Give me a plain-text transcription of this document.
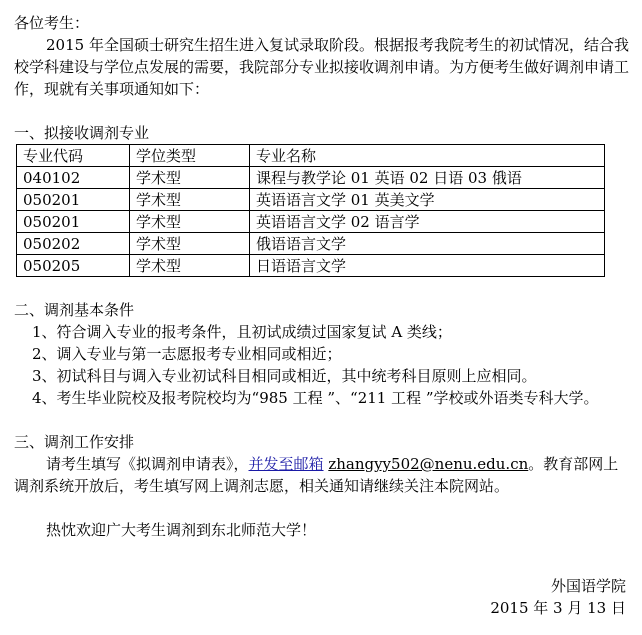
各位考生：

2015 年全国硕士研究生招生进入复试录取阶段。根据报考我院考生的初试情况，结合我校学科建设与学位点发展的需要，我院部分专业拟接收调剂申请。为方便考生做好调剂申请工作，现就有关事项通知如下：

一、拟接收调剂专业

专业代码	学位类型	专业名称
040102	学术型	课程与教学论 01 英语 02 日语 03 俄语
050201	学术型	英语语言文学 01 英美文学
050201	学术型	英语语言文学 02 语言学
050202	学术型	俄语语言文学
050205	学术型	日语语言文学

二、调剂基本条件

1、符合调入专业的报考条件，且初试成绩过国家复试 A 类线；

2、调入专业与第一志愿报考专业相同或相近；

3、初试科目与调入专业初试科目相同或相近，其中统考科目原则上应相同。

4、考生毕业院校及报考院校均为“985 工程 ”、“211 工程 ”学校或外语类专科大学。

三、调剂工作安排

请考生填写《拟调剂申请表》，并发至邮箱 zhangyy502@nenu.edu.cn。教育部网上调剂系统开放后，考生填写网上调剂志愿，相关通知请继续关注本院网站。

热忱欢迎广大考生调剂到东北师范大学！

外国语学院

2015 年 3 月 13 日
